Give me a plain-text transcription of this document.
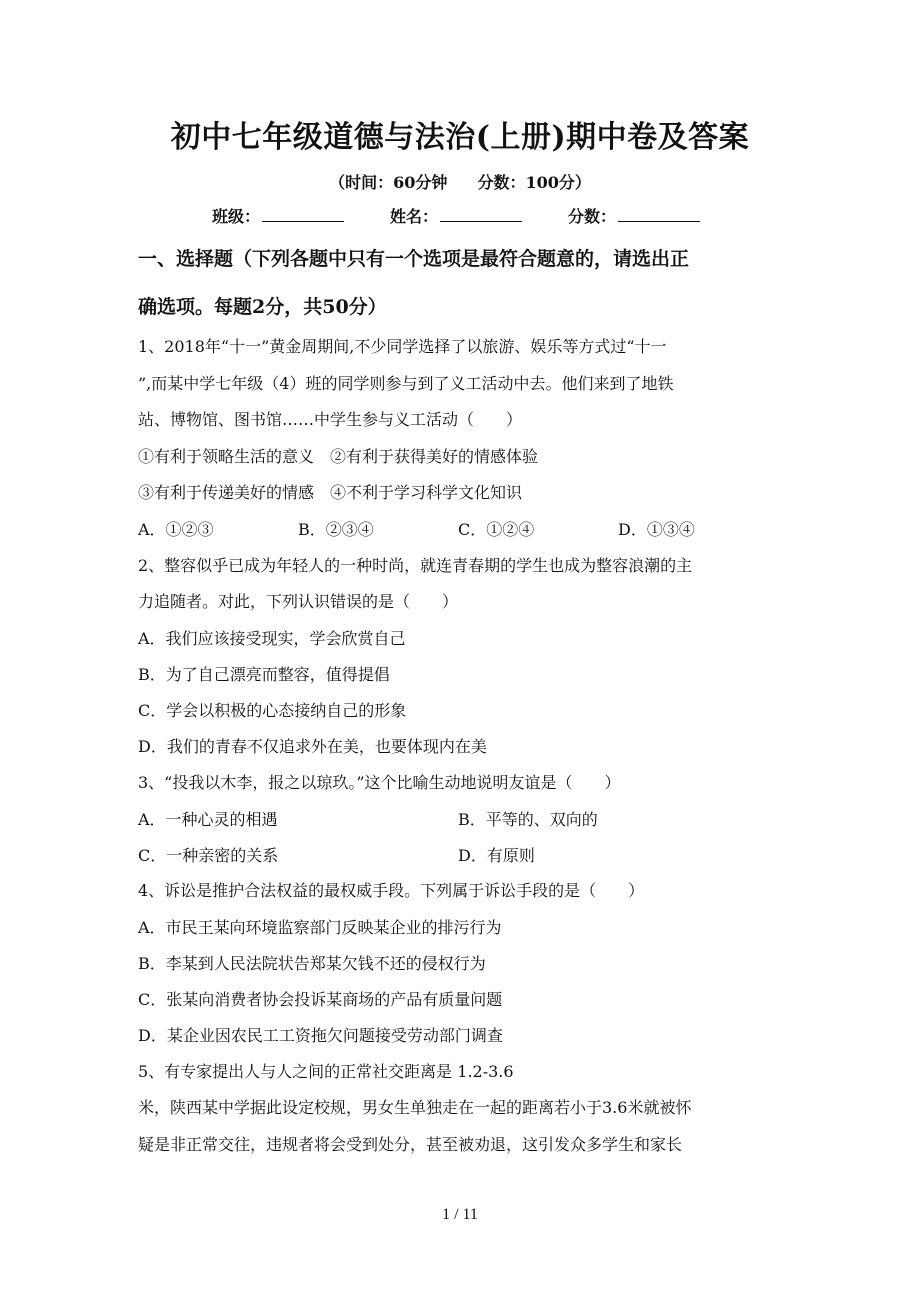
初中七年级道德与法治(上册)期中卷及答案
（时间：60分钟 分数：100分）
班级：	姓名：	分数：
一、选择题（下列各题中只有一个选项是最符合题意的，请选出正
确选项。每题2分，共50分）
1、2018年“十一”黄金周期间,不少同学选择了以旅游、娱乐等方式过“十一
”,而某中学七年级（4）班的同学则参与到了义工活动中去。他们来到了地铁
站、博物馆、图书馆……中学生参与义工活动（　　）
①有利于领略生活的意义　②有利于获得美好的情感体验
③有利于传递美好的情感　④不利于学习科学文化知识
A．①②③	B．②③④	C．①②④	D．①③④
2、整容似乎已成为年轻人的一种时尚，就连青春期的学生也成为整容浪潮的主
力追随者。对此，下列认识错误的是（　　）
A．我们应该接受现实，学会欣赏自己
B．为了自己漂亮而整容，值得提倡
C．学会以积极的心态接纳自己的形象
D．我们的青春不仅追求外在美，也要体现内在美
3、“投我以木李，报之以琼玖。”这个比喻生动地说明友谊是（　　）
A．一种心灵的相遇	B．平等的、双向的
C．一种亲密的关系	D．有原则
4、诉讼是推护合法权益的最权威手段。下列属于诉讼手段的是（　　）
A．市民王某向环境监察部门反映某企业的排污行为
B．李某到人民法院状告郑某欠钱不还的侵权行为
C．张某向消费者协会投诉某商场的产品有质量问题
D．某企业因农民工工资拖欠问题接受劳动部门调查
5、有专家提出人与人之间的正常社交距离是 1.2-3.6
米，陕西某中学据此设定校规，男女生单独走在一起的距离若小于3.6米就被怀
疑是非正常交往，违规者将会受到处分，甚至被劝退，这引发众多学生和家长
1 / 11
